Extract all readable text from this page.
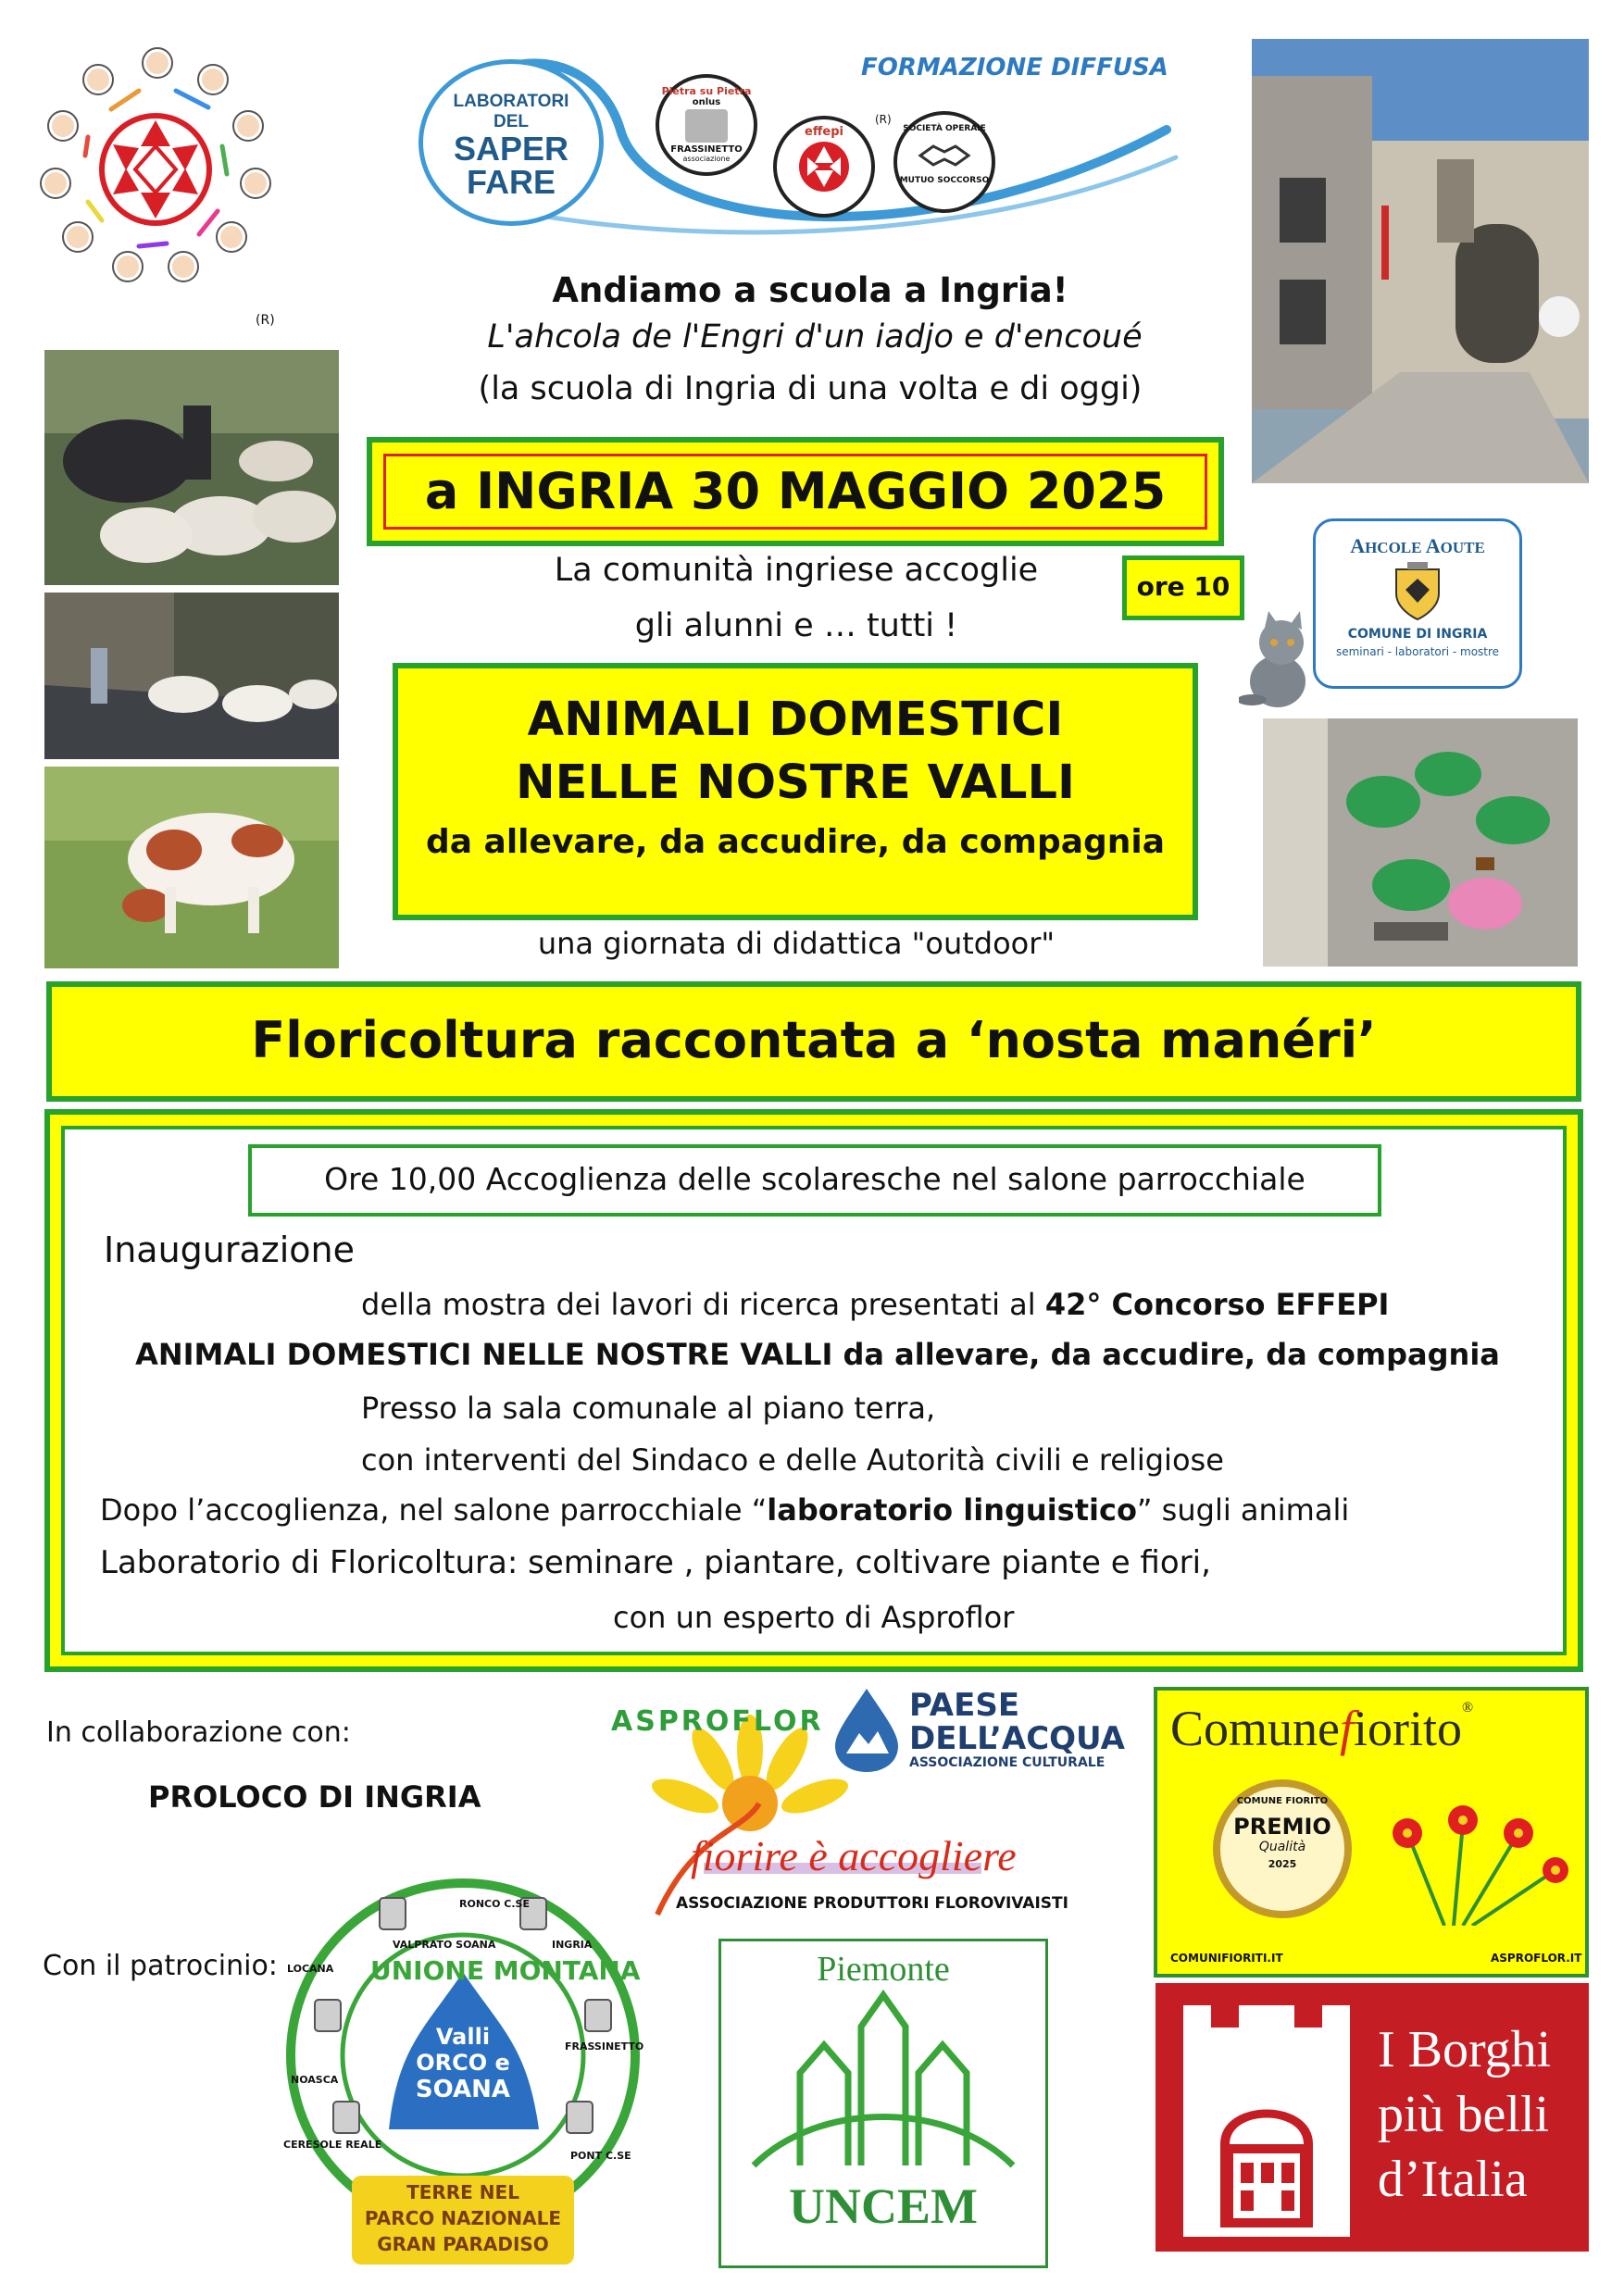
(R)
LABORATORI
DEL
SAPER
FARE
Pietra su Pietra
onlus
FRASSINETTO
associazione
effepi
(R)
SOCIETÀ OPERAIE
MUTUO SOCCORSO
FORMAZIONE DIFFUSA
Andiamo a scuola a Ingria!
L'ahcola de l'Engri d'un iadjo e d'encoué
(la scuola di Ingria di una volta e di oggi)
a INGRIA 30 MAGGIO 2025
La comunità ingriese accoglie
gli alunni e … tutti !
ore 10
AHCOLE AOUTE
COMUNE DI INGRIA
seminari - laboratori - mostre
ANIMALI DOMESTICI
NELLE NOSTRE VALLI
da allevare, da accudire, da compagnia
una giornata di didattica "outdoor"
Floricoltura raccontata a ‘nosta manéri’
Ore 10,00 Accoglienza delle scolaresche nel salone parrocchiale
Inaugurazione
della mostra dei lavori di ricerca presentati al 42° Concorso EFFEPI
ANIMALI DOMESTICI NELLE NOSTRE VALLI da allevare, da accudire, da compagnia
Presso la sala comunale al piano terra,
con interventi del Sindaco e delle Autorità civili e religiose
Dopo l’accoglienza, nel salone parrocchiale “laboratorio linguistico” sugli animali
Laboratorio di Floricoltura: seminare , piantare, coltivare piante e fiori,
con un esperto di Asproflor
In collaborazione con:
PROLOCO DI INGRIA
Con il patrocinio:
ASPROFLOR
fiorire è accogliere
ASSOCIAZIONE PRODUTTORI FLOROVIVAISTI
PAESE
DELL’ACQUA
ASSOCIAZIONE CULTURALE
Comunefiorito®
COMUNE FIORITO
PREMIO
Qualità
2025
COMUNIFIORITI.IT	ASPROFLOR.IT
UNIONE MONTANA
Valli
ORCO e
SOANA
VALPRATO SOANA
RONCO C.SE
INGRIA
FRASSINETTO
PONT C.SE
CERESOLE REALE
NOASCA
LOCANA
TERRE NEL
PARCO NAZIONALE
GRAN PARADISO
Piemonte
UNCEM
I Borghi
più belli
d’Italia
